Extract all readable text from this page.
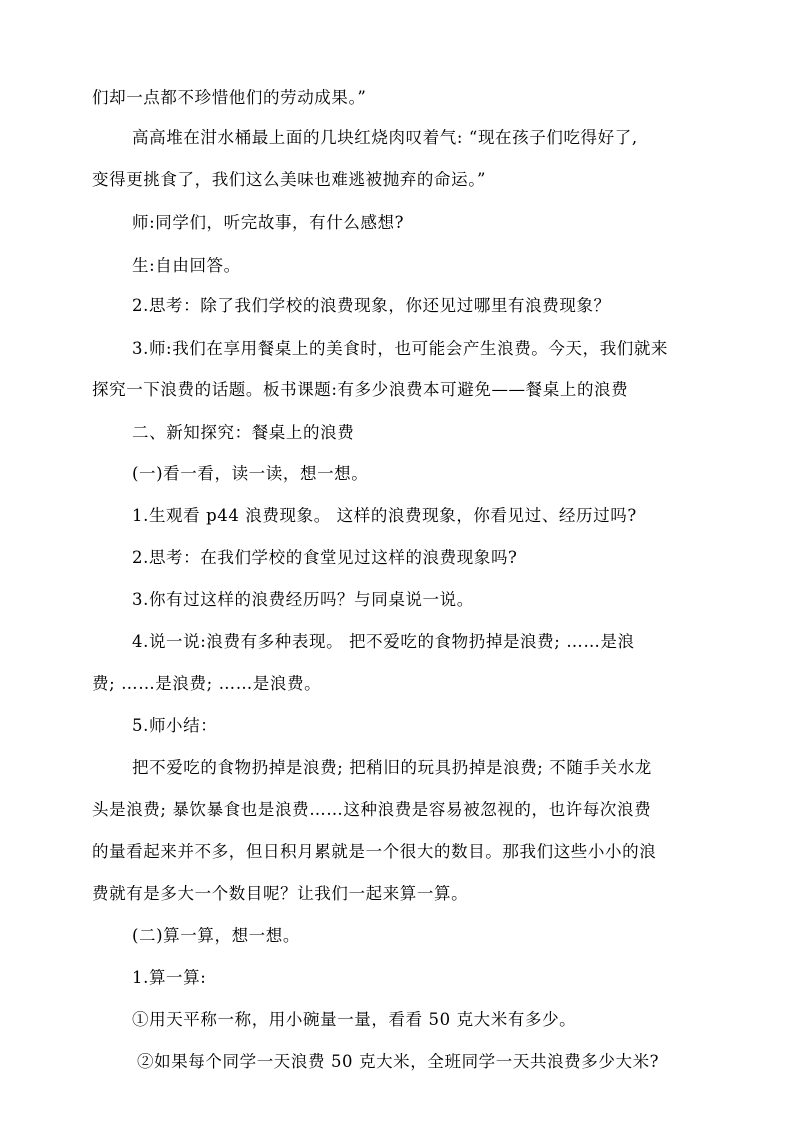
们却一点都不珍惜他们的劳动成果。”
高高堆在泔水桶最上面的几块红烧肉叹着气: “现在孩子们吃得好了,
变得更挑食了，我们这么美味也难逃被抛弃的命运。”
师:同学们，听完故事，有什么感想?
生:自由回答。
2.思考：除了我们学校的浪费现象，你还见过哪里有浪费现象？
3.师:我们在享用餐桌上的美食时，也可能会产生浪费。今天，我们就来
探究一下浪费的话题。板书课题:有多少浪费本可避免——餐桌上的浪费
二、新知探究：餐桌上的浪费
(一)看一看，读一读，想一想。
1.生观看 p44 浪费现象。 这样的浪费现象，你看见过、经历过吗?
2.思考：在我们学校的食堂见过这样的浪费现象吗?
3.你有过这样的浪费经历吗？与同桌说一说。
4.说一说:浪费有多种表现。 把不爱吃的食物扔掉是浪费; ……是浪
费; ……是浪费; ……是浪费。
5.师小结：
把不爱吃的食物扔掉是浪费; 把稍旧的玩具扔掉是浪费; 不随手关水龙
头是浪费; 暴饮暴食也是浪费……这种浪费是容易被忽视的，也许每次浪费
的量看起来并不多，但日积月累就是一个很大的数目。那我们这些小小的浪
费就有是多大一个数目呢？让我们一起来算一算。
(二)算一算，想一想。
1.算一算:
①用天平称一称，用小碗量一量，看看 50 克大米有多少。
②如果每个同学一天浪费 50 克大米，全班同学一天共浪费多少大米?
